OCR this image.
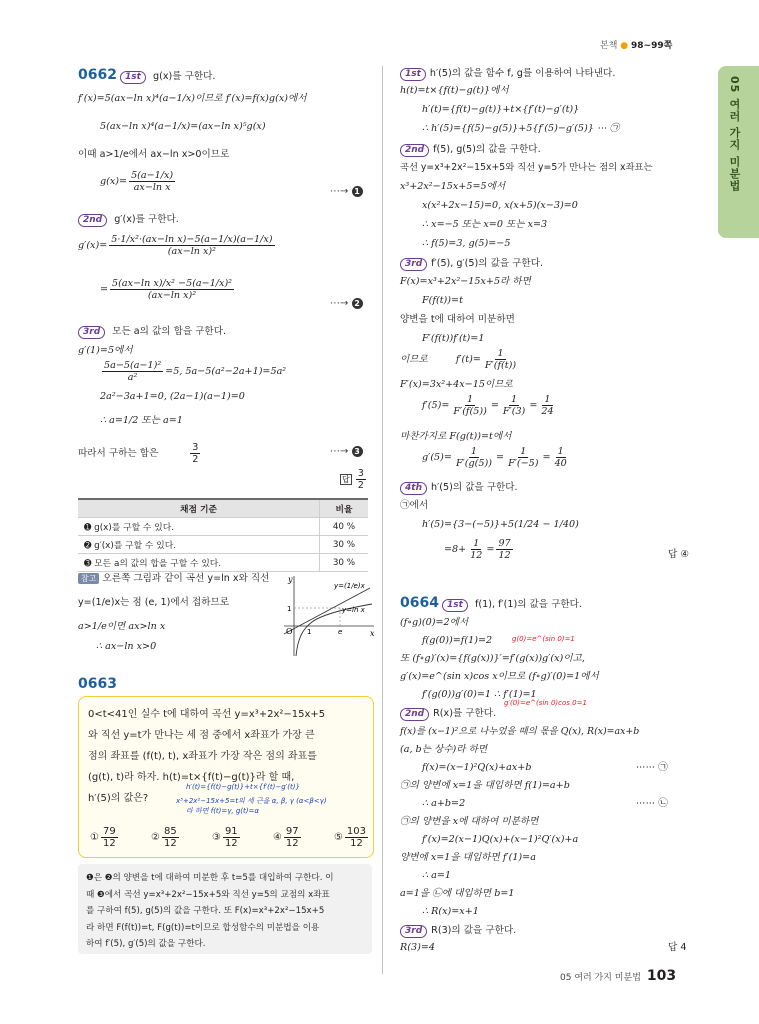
본책 ● 98~99쪽
05 여러 가지 미분법
0662 1st g(x)를 구한다.
f′(x)=5(ax−ln x)⁴(a−1/x)이므로 f′(x)=f(x)g(x)에서
5(ax−ln x)⁴(a−1/x)=(ax−ln x)⁵g(x)
이때 a>1/e에서 ax−ln x>0이므로
$g(x)= \frac{5(a-1/x)}{\text{ax−ln x}}$	⋯→ 1
2nd g′(x)를 구한다.
$g'(x)= \frac{\text{5·1/x²·(ax−ln x)−5(a−1/x)(a−1/x)}}{\text{(ax−ln x)²}}$
= $\frac{\text{5(ax−ln x)/x² −5(a−1/x)²}}{\text{(ax−ln x)²}}$
⋯→ 2
3rd 모든 a의 값의 합을 구한다.
g′(1)=5에서
$\frac{\text{5a−5(a−1)²}}{\text{a²}} =5$, 5a−5(a²−2a+1)=5a²
2a²−3a+1=0, (2a−1)(a−1)=0
∴ a=1/2 또는 a=1
따라서 구하는 합은	$\frac{3}{2}$	⋯→ 3
답 $\frac{3}{2}$
채점 기준	비율
➊ g(x)를 구할 수 있다.	40 %
➋ g′(x)를 구할 수 있다.	30 %
➌ 모든 a의 값의 합을 구할 수 있다.	30 %
참고 오른쪽 그림과 같이 곡선 y=ln x와 직선
y=(1/e)x는 점 (e, 1)에서 접하므로
a>1/e이면 ax>ln x
∴ ax−ln x>0
y
x
O
1
1	e
y=(1/e)x
y=ln x
0663
0<t<41인 실수 t에 대하여 곡선 y=x³+2x²−15x+5
와 직선 y=t가 만나는 세 점 중에서 x좌표가 가장 큰
점의 좌표를 (f(t), t), x좌표가 가장 작은 점의 좌표를
(g(t), t)라 하자. h(t)=t×{f(t)−g(t)}라 할 때,
h′(5)의 값은?
h′(t)={f(t)−g(t)}+t×{f′(t)−g′(t)}
x³+2x²−15x+5=t의 세 근을 α, β, γ (α<β<γ)
라 하면 f(t)=γ, g(t)=α
① $\frac{79}{12}$	② $\frac{85}{12}$	③ $\frac{91}{12}$	④ $\frac{97}{12}$	⑤ $\frac{103}{12}$
❶은 ❷의 양변을 t에 대하여 미분한 후 t=5를 대입하여 구한다. 이
때 ❸에서 곡선 y=x³+2x²−15x+5와 직선 y=5의 교점의 x좌표
를 구하여 f(5), g(5)의 값을 구한다. 또 F(x)=x³+2x²−15x+5
라 하면 F(f(t))=t, F(g(t))=t이므로 합성함수의 미분법을 이용
하여 f′(5), g′(5)의 값을 구한다.
1st h′(5)의 값을 함수 f, g를 이용하여 나타낸다.
h(t)=t×{f(t)−g(t)}에서
h′(t)={f(t)−g(t)}+t×{f′(t)−g′(t)}
∴ h′(5)={f(5)−g(5)}+5{f′(5)−g′(5)} ⋯ ㉠
2nd f(5), g(5)의 값을 구한다.
곡선 y=x³+2x²−15x+5와 직선 y=5가 만나는 점의 x좌표는
x³+2x²−15x+5=5에서
x(x²+2x−15)=0, x(x+5)(x−3)=0
∴ x=−5 또는 x=0 또는 x=3
∴ f(5)=3, g(5)=−5
3rd f′(5), g′(5)의 값을 구한다.
F(x)=x³+2x²−15x+5라 하면
F(f(t))=t
양변을 t에 대하여 미분하면
F′(f(t))f′(t)=1
이므로	$f'(t)= \frac{1}{F'(f(t))}$
F′(x)=3x²+4x−15이므로
$f'(5)= \frac{1}{F'(f(5))} = \frac{1}{F'(3)} = \frac{1}{24}$
마찬가지로 F(g(t))=t에서
$g'(5)= \frac{1}{F'(g(5))} = \frac{1}{F'(-5)} = \frac{1}{40}$
4th h′(5)의 값을 구한다.
㉠에서
h′(5)={3−(−5)}+5(1/24 − 1/40)
$=8+ \frac{1}{12} = \frac{97}{12}$	답 ④
0664 1st f(1), f′(1)의 값을 구한다.
(f∘g)(0)=2에서
f(g(0))=f(1)=2	g(0)=e^(sin 0)=1
또 (f∘g)′(x)={f(g(x))}′=f′(g(x))g′(x)이고,
g′(x)=e^(sin x)cos x이므로 (f∘g)′(0)=1에서
f′(g(0))g′(0)=1 ∴ f′(1)=1
g′(0)=e^(sin 0)cos 0=1
2nd R(x)를 구한다.
f(x)를 (x−1)²으로 나누었을 때의 몫을 Q(x), R(x)=ax+b
(a, b는 상수)라 하면
f(x)=(x−1)²Q(x)+ax+b	⋯⋯ ㉠
㉠의 양변에 x=1을 대입하면 f(1)=a+b
∴ a+b=2	⋯⋯ ㉡
㉠의 양변을 x에 대하여 미분하면
f′(x)=2(x−1)Q(x)+(x−1)²Q′(x)+a
양변에 x=1을 대입하면 f′(1)=a
∴ a=1
a=1을 ㉡에 대입하면 b=1
∴ R(x)=x+1
3rd R(3)의 값을 구한다.
R(3)=4	답 4
05 여러 가지 미분법 103
